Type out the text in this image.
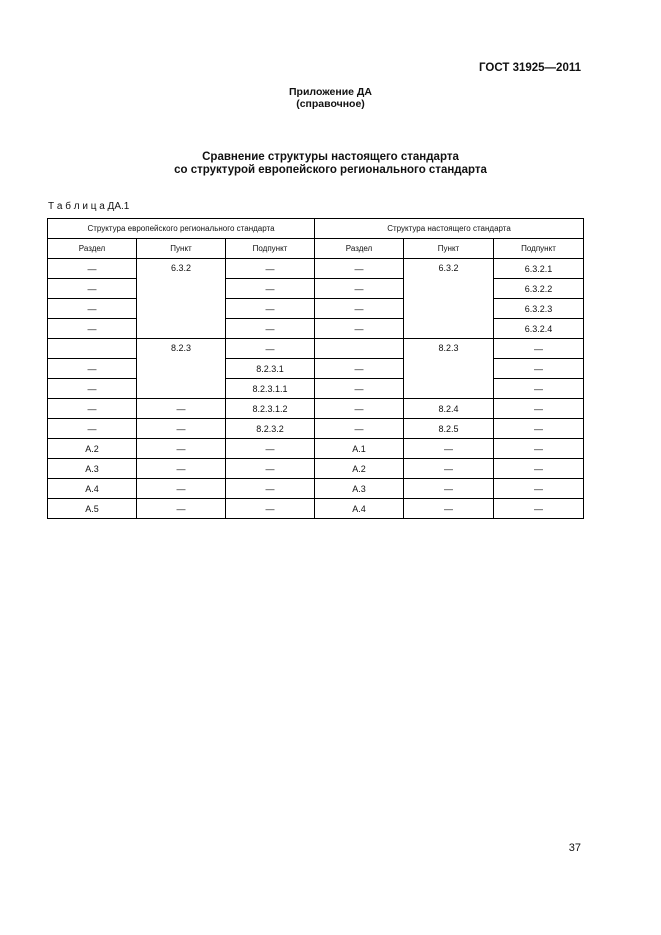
ГОСТ 31925—2011
Приложение ДА
(справочное)
Сравнение структуры настоящего стандарта
со структурой европейского регионального стандарта
Т а б л и ц а ДА.1
Структура европейского регионального стандарта			Структура настоящего стандарта		
Раздел	Пункт	Подпункт	Раздел	Пункт	Подпункт
—	6.3.2	—	—	6.3.2	6.3.2.1
—		—	—		6.3.2.2
—		—	—		6.3.2.3
—		—	—		6.3.2.4
	8.2.3	—		8.2.3	—
—		8.2.3.1	—		—
—		8.2.3.1.1	—		—
—	—	8.2.3.1.2	—	8.2.4	—
—	—	8.2.3.2	—	8.2.5	—
А.2	—	—	А.1	—	—
А.3	—	—	А.2	—	—
А.4	—	—	А.3	—	—
А.5	—	—	А.4	—	—
37
